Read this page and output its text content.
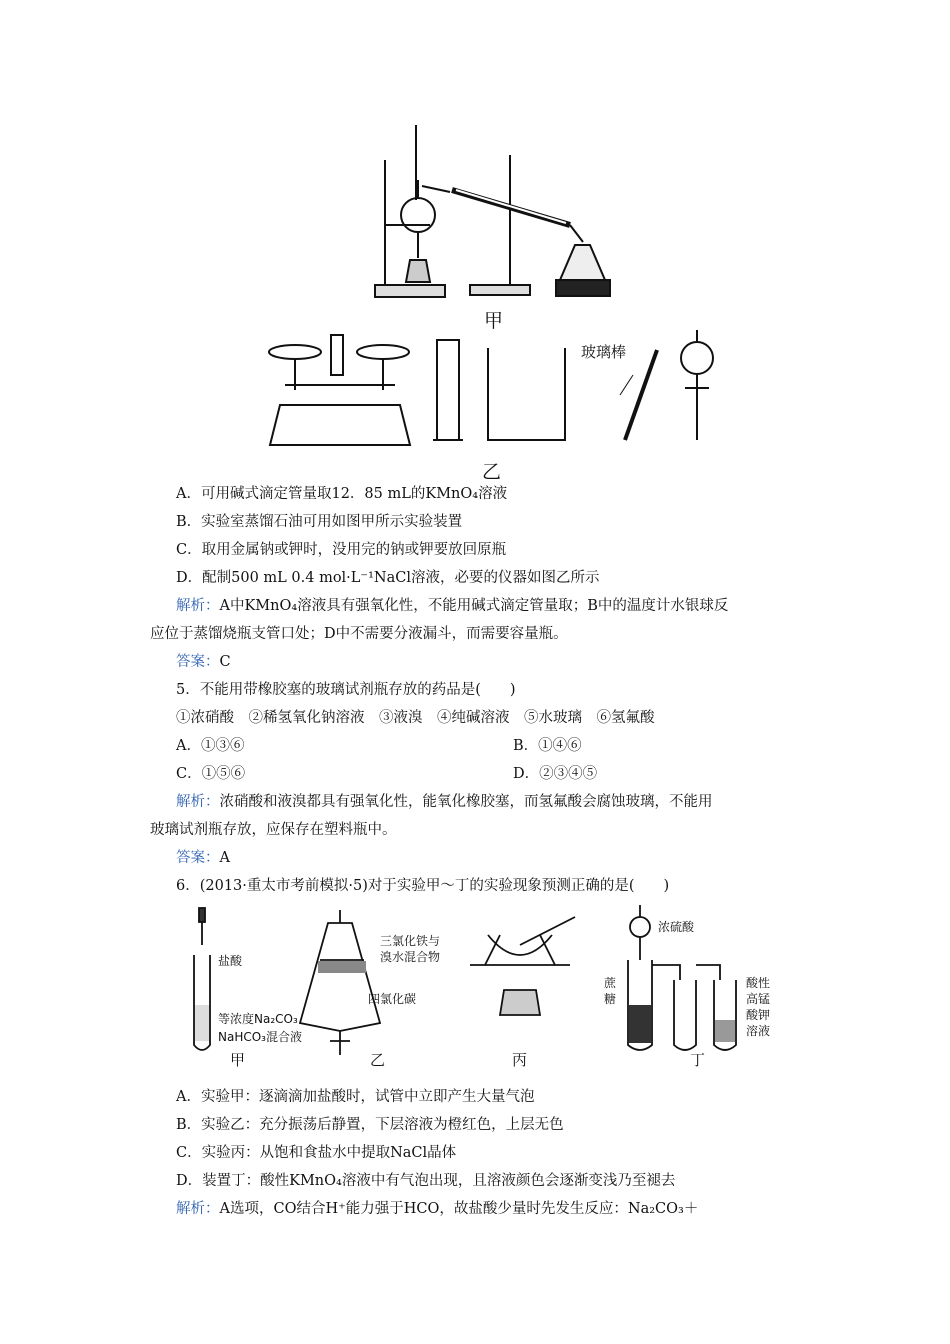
甲
玻璃棒
乙
A．可用碱式滴定管量取12．85 mL的KMnO₄溶液
B．实验室蒸馏石油可用如图甲所示实验装置
C．取用金属钠或钾时，没用完的钠或钾要放回原瓶
D．配制500 mL 0.4 mol·L⁻¹NaCl溶液，必要的仪器如图乙所示
解析：A中KMnO₄溶液具有强氧化性，不能用碱式滴定管量取；B中的温度计水银球反
应位于蒸馏烧瓶支管口处；D中不需要分液漏斗，而需要容量瓶。
答案：C
5．不能用带橡胶塞的玻璃试剂瓶存放的药品是(　　)
①浓硝酸　②稀氢氧化钠溶液　③液溴　④纯碱溶液　⑤水玻璃　⑥氢氟酸
A．①③⑥	B．①④⑥
C．①⑤⑥	D．②③④⑤
解析：浓硝酸和液溴都具有强氧化性，能氧化橡胶塞，而氢氟酸会腐蚀玻璃，不能用
玻璃试剂瓶存放，应保存在塑料瓶中。
答案：A
6．(2013·重太市考前模拟·5)对于实验甲～丁的实验现象预测正确的是(　　)
盐酸
等浓度Na₂CO₃
NaHCO₃混合液
三氯化铁与
溴水混合物
四氯化碳
浓硫酸
蔗
糖
酸性
高锰
酸钾
溶液
甲	乙	丙	丁
A．实验甲：逐滴滴加盐酸时，试管中立即产生大量气泡
B．实验乙：充分振荡后静置，下层溶液为橙红色，上层无色
C．实验丙：从饱和食盐水中提取NaCl晶体
D．装置丁：酸性KMnO₄溶液中有气泡出现，且溶液颜色会逐渐变浅乃至褪去
解析：A选项，CO结合H⁺能力强于HCO，故盐酸少量时先发生反应：Na₂CO₃＋
